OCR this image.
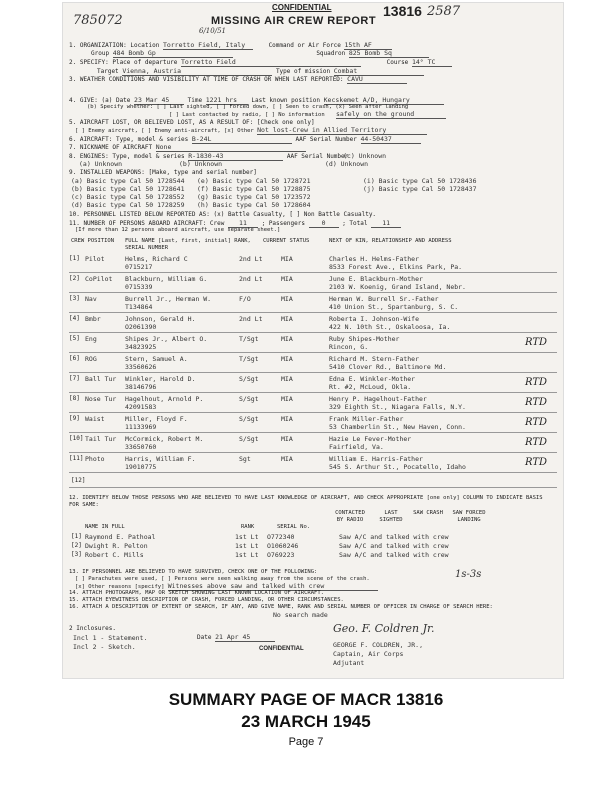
785072
CONFIDENTIAL
MISSING AIR CREW REPORT
13816 2587
6/10/51
1. ORGANIZATION: Location Torretto Field, Italy	Command or Air Force 15th AF
Group 484 Bomb Gp	Squadron 825 Bomb Sq
2. SPECIFY: Place of departure Torretto Field	Course 14° TC
Target Vienna, Austria	Type of mission Combat
3. WEATHER CONDITIONS AND VISIBILITY AT TIME OF CRASH OR WHEN LAST REPORTED: CAVU
4. GIVE: (a) Date 23 Mar 45	Time 1221 hrs Last known position Kecskemet A/D, Hungary
(b) Specify whether: [ ] Last sighted, [ ] Forced down, [ ] Seen to crash, (x) Seen after landing
[ ] Last contacted by radio, [ ] No information safely on the ground
5. AIRCRAFT LOST, OR BELIEVED LOST, AS A RESULT OF: [Check one only]
[ ] Enemy aircraft, [ ] Enemy anti-aircraft, [x] Other Not lost-Crew in Allied Territory
6. AIRCRAFT: Type, model & series B-24L	AAF Serial Number 44-50437
7. NICKNAME OF AIRCRAFT None
8. ENGINES: Type, model & series R-1830-43	AAF Serial Number
(a) Unknown	(b) Unknown
(c) Unknown
(d) Unknown
9. INSTALLED WEAPONS: [Make, type and serial number]
(a) Basic type Cal 50 1728544
(b) Basic type Cal 50 1728641
(c) Basic type Cal 50 1728552
(d) Basic type Cal 50 1728259
(e) Basic type Cal 50 1728721
(f) Basic type Cal 50 1728875
(g) Basic type Cal 50 1723572
(h) Basic type Cal 50 1728604
(i) Basic type Cal 50 1728436
(j) Basic type Cal 50 1728437
10. PERSONNEL LISTED BELOW REPORTED AS: (x) Battle Casualty, [ ] Non Battle Casualty.
11. NUMBER OF PERSONS ABOARD AIRCRAFT: Crew 11 ; Passengers	0	; Total 11
[If more than 12 persons aboard aircraft, use separate sheet.]
CREW POSITION FULL NAME [Last, first, initial] RANK, SERIAL NUMBER
CURRENT STATUS	NEXT OF KIN, RELATIONSHIP AND ADDRESS
[1] Pilot	Helms, Richard C
0715217
2nd Lt	MIA	Charles H. Helms-Father
8533 Forest Ave., Elkins Park, Pa.
[2] CoPilot Blackburn, William G.
0715339
2nd Lt	MIA	June E. Blackburn-Mother
2103 W. Koenig, Grand Island, Nebr.
[3] Nav	Burrell Jr., Herman W.
T134864
F/O	MIA	Herman W. Burrell Sr.-Father
410 Union St., Spartanburg, S. C.
[4] Bmbr	Johnson, Gerald H.
O2061390
2nd Lt	MIA	Roberta I. Johnson-Wife
422 N. 10th St., Oskaloosa, Ia.
[5] Eng	Shipes Jr., Albert O.
34823925
T/Sgt	MIA	Ruby Shipes-Mother
Rincon, G.	RTD
[6] ROG	Stern, Samuel A.
33560626
T/Sgt	MIA	Richard M. Stern-Father
5410 Clover Rd., Baltimore Md.
[7] Ball Tur Winkler, Harold D.
38146796
S/Sgt	MIA	Edna E. Winkler-Mother
Rt. #2, McLoud, Okla.	RTD
[8] Nose Tur Hagelhout, Arnold P.
42091583
S/Sgt	MIA	Henry P. Hagelhout-Father
329 Eighth St., Niagara Falls, N.Y.	RTD
[9] Waist	Miller, Floyd F.
11133969
S/Sgt	MIA	Frank Miller-Father
53 Chamberlin St., New Haven, Conn.	RTD
[10] Tail Tur McCormick, Robert M.
33650760
S/Sgt	MIA	Hazie Le Fever-Mother
Fairfield, Va.	RTD
[11] Photo	Harris, William F.
19010775
Sgt	MIA	William E. Harris-Father
545 S. Arthur St., Pocatello, Idaho	RTD
[12]
12. IDENTIFY BELOW THOSE PERSONS WHO ARE BELIEVED TO HAVE LAST KNOWLEDGE OF AIRCRAFT, AND CHECK APPROPRIATE [one only] COLUMN TO INDICATE BASIS FOR SAME:
CONTACTED BY RADIO
LAST SIGHTED
SAW CRASH	SAW FORCED LANDING
NAME IN FULL	RANK	SERIAL No.
[1] Raymond E. Pathoal	1st Lt O772340	Saw A/C and talked with crew
[2] Dwight R. Pelton	1st Lt O1060246	Saw A/C and talked with crew
[3] Robert C. Mills	1st Lt O769223	Saw A/C and talked with crew
13. IF PERSONNEL ARE BELIEVED TO HAVE SURVIVED, CHECK ONE OF THE FOLLOWING:
[ ] Parachutes were used, [ ] Persons were seen walking away from the scene of the crash.
[x] Other reasons [specify] Witnesses above saw and talked with crew
1s-3s
14. ATTACH PHOTOGRAPH, MAP OR SKETCH SHOWING LAST KNOWN LOCATION OF AIRCRAFT.
15. ATTACH EYEWITNESS DESCRIPTION OF CRASH, FORCED LANDING, OR OTHER CIRCUMSTANCES.
16. ATTACH A DESCRIPTION OF EXTENT OF SEARCH, IF ANY, AND GIVE NAME, RANK AND SERIAL NUMBER OF OFFICER IN CHARGE OF SEARCH HERE:
No search made
2 Inclosures.
Incl 1 - Statement.
Incl 2 - Sketch.
Date 21 Apr 45
CONFIDENTIAL
Geo. F. Coldren Jr.
GEORGE F. COLDREN, JR.,
Captain, Air Corps
Adjutant
SUMMARY PAGE OF MACR 13816
23 MARCH 1945
Page 7
